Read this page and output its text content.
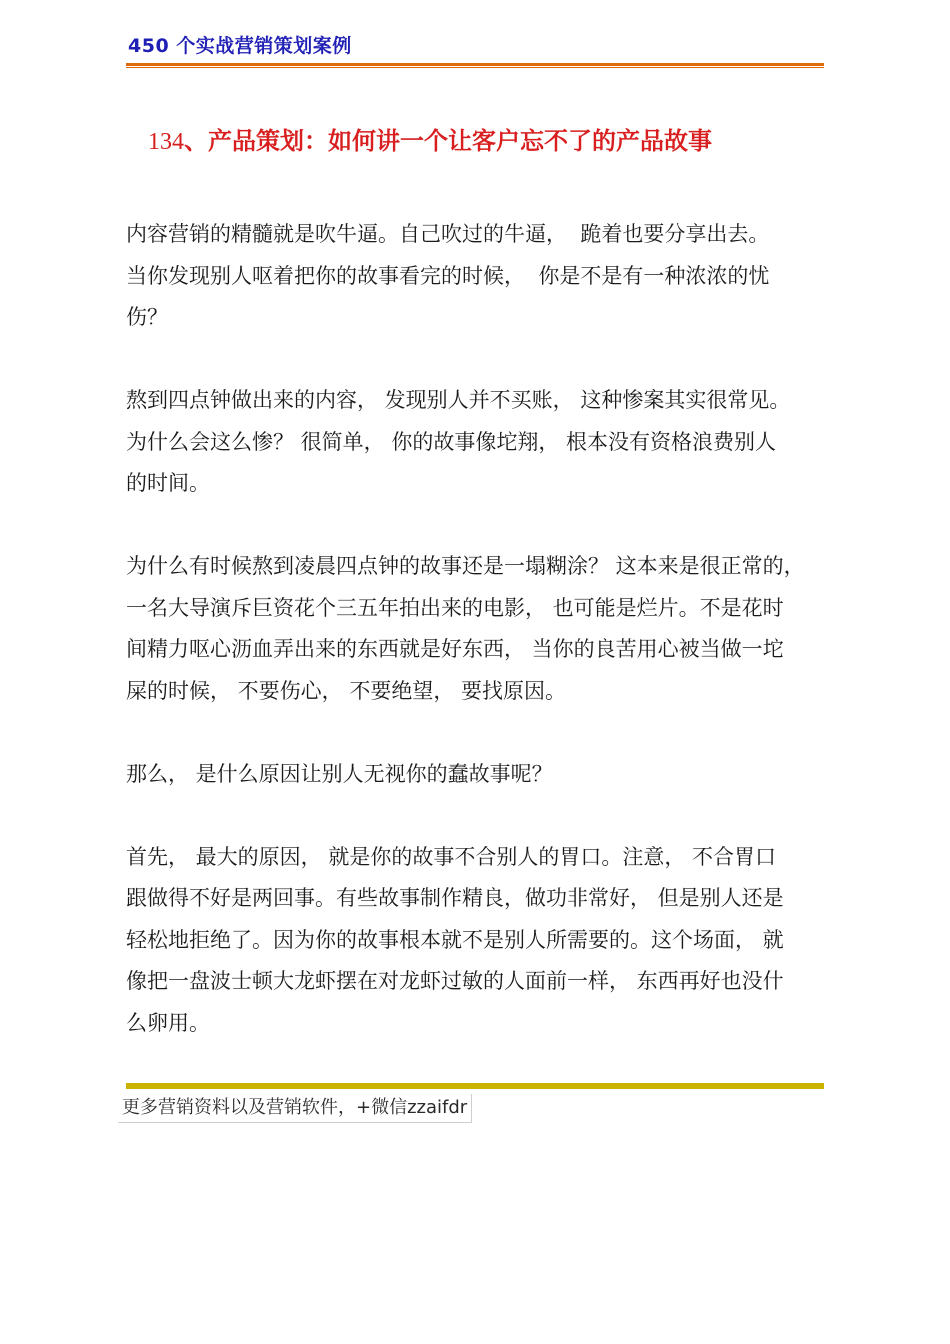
450 个实战营销策划案例
134、产品策划：如何讲一个让客户忘不了的产品故事

内容营销的精髓就是吹牛逼。自己吹过的牛逼，  跪着也要分享出去。
当你发现别人呕着把你的故事看完的时候，  你是不是有一种浓浓的忧
伤？

熬到四点钟做出来的内容， 发现别人并不买账， 这种惨案其实很常见。
为什么会这么惨？ 很简单， 你的故事像坨翔， 根本没有资格浪费别人
的时间。

为什么有时候熬到凌晨四点钟的故事还是一塌糊涂？ 这本来是很正常的，
一名大导演斥巨资花个三五年拍出来的电影， 也可能是烂片。不是花时
间精力呕心沥血弄出来的东西就是好东西， 当你的良苦用心被当做一坨
屎的时候， 不要伤心， 不要绝望， 要找原因。

那么， 是什么原因让别人无视你的蠢故事呢？

首先， 最大的原因， 就是你的故事不合别人的胃口。注意， 不合胃口
跟做得不好是两回事。有些故事制作精良，做功非常好， 但是别人还是
轻松地拒绝了。因为你的故事根本就不是别人所需要的。这个场面， 就
像把一盘波士顿大龙虾摆在对龙虾过敏的人面前一样， 东西再好也没什
么卵用。

更多营销资料以及营销软件，+微信zzaifdr
